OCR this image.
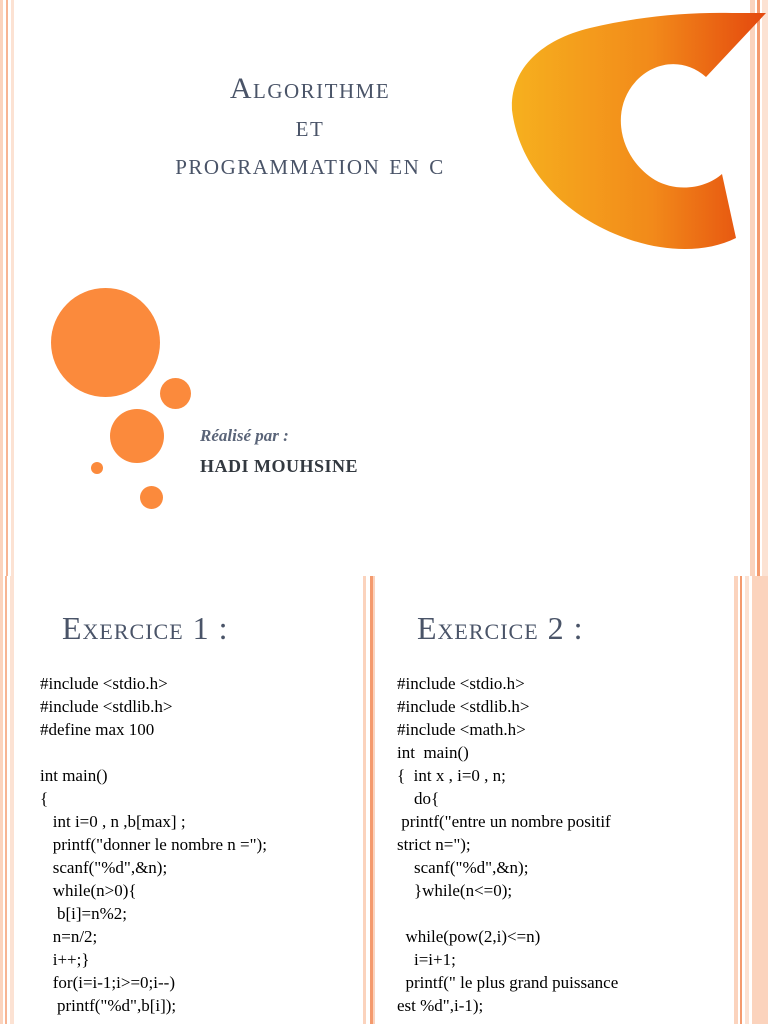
Algorithme
et
programmation en c
Réalisé par :
HADI MOUHSINE
Exercice 1 :
#include <stdio.h>
#include <stdlib.h>
#define max 100

int main()
{
int i=0 , n ,b[max] ;
printf("donner le nombre n =");
scanf("%d",&n);
while(n>0){
b[i]=n%2;
n=n/2;
i++;}
for(i=i-1;i>=0;i--)
printf("%d",b[i]);
Exercice 2 :
#include <stdio.h>
#include <stdlib.h>
#include <math.h>
int  main()
{  int x , i=0 , n;
do{
printf("entre un nombre positif
strict n=");
scanf("%d",&n);
}while(n<=0);

while(pow(2,i)<=n)
i=i+1;
printf(" le plus grand puissance
est %d",i-1);
